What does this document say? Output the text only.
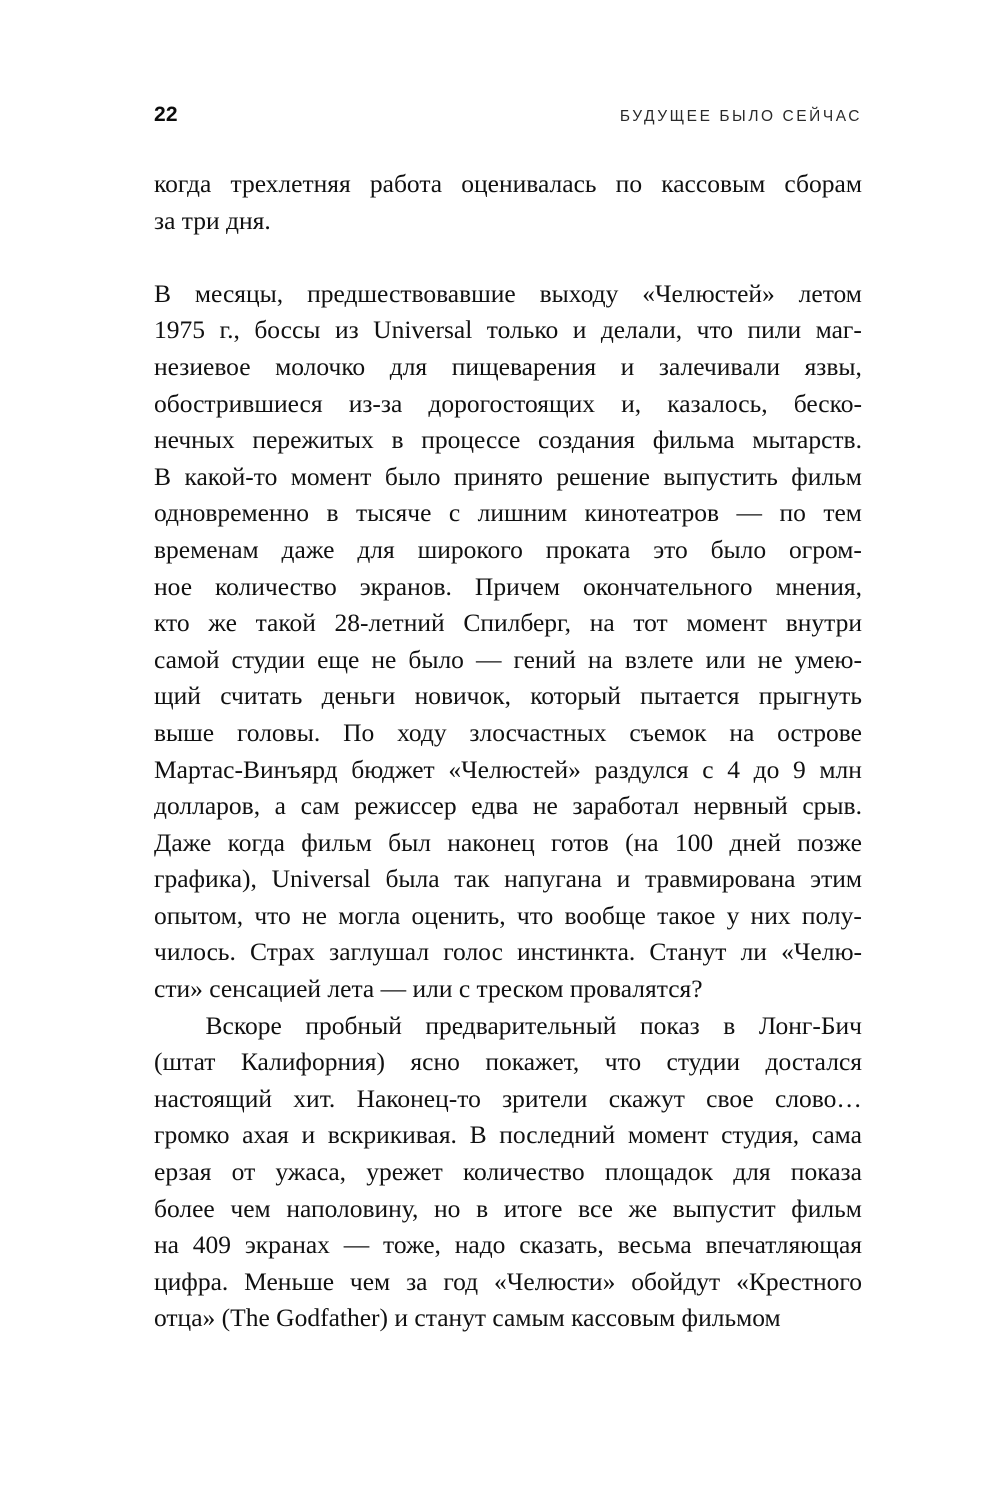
22	БУДУЩЕЕ БЫЛО СЕЙЧАС
когда трехлетняя работа оценивалась по кассовым сборам
за три дня.
В месяцы, предшествовавшие выходу «Челюстей» летом
1975 г., боссы из Universal только и делали, что пили маг-
незиевое молочко для пищеварения и залечивали язвы,
обострившиеся из-за дорогостоящих и, казалось, беско-
нечных пережитых в процессе создания фильма мытарств.
В какой-то момент было принято решение выпустить фильм
одновременно в тысяче с лишним кинотеатров — по тем
временам даже для широкого проката это было огром-
ное количество экранов. Причем окончательного мнения,
кто же такой 28-летний Спилберг, на тот момент внутри
самой студии еще не было — гений на взлете или не умею-
щий считать деньги новичок, который пытается прыгнуть
выше головы. По ходу злосчастных съемок на острове
Мартас-Винъярд бюджет «Челюстей» раздулся с 4 до 9 млн
долларов, а сам режиссер едва не заработал нервный срыв.
Даже когда фильм был наконец готов (на 100 дней позже
графика), Universal была так напугана и травмирована этим
опытом, что не могла оценить, что вообще такое у них полу-
чилось. Страх заглушал голос инстинкта. Станут ли «Челю-
сти» сенсацией лета — или с треском провалятся?
Вскоре пробный предварительный показ в Лонг-Бич
(штат Калифорния) ясно покажет, что студии достался
настоящий хит. Наконец-то зрители скажут свое слово…
громко ахая и вскрикивая. В последний момент студия, сама
ерзая от ужаса, урежет количество площадок для показа
более чем наполовину, но в итоге все же выпустит фильм
на 409 экранах — тоже, надо сказать, весьма впечатляющая
цифра. Меньше чем за год «Челюсти» обойдут «Крестного
отца» (The Godfather) и станут самым кассовым фильмом
